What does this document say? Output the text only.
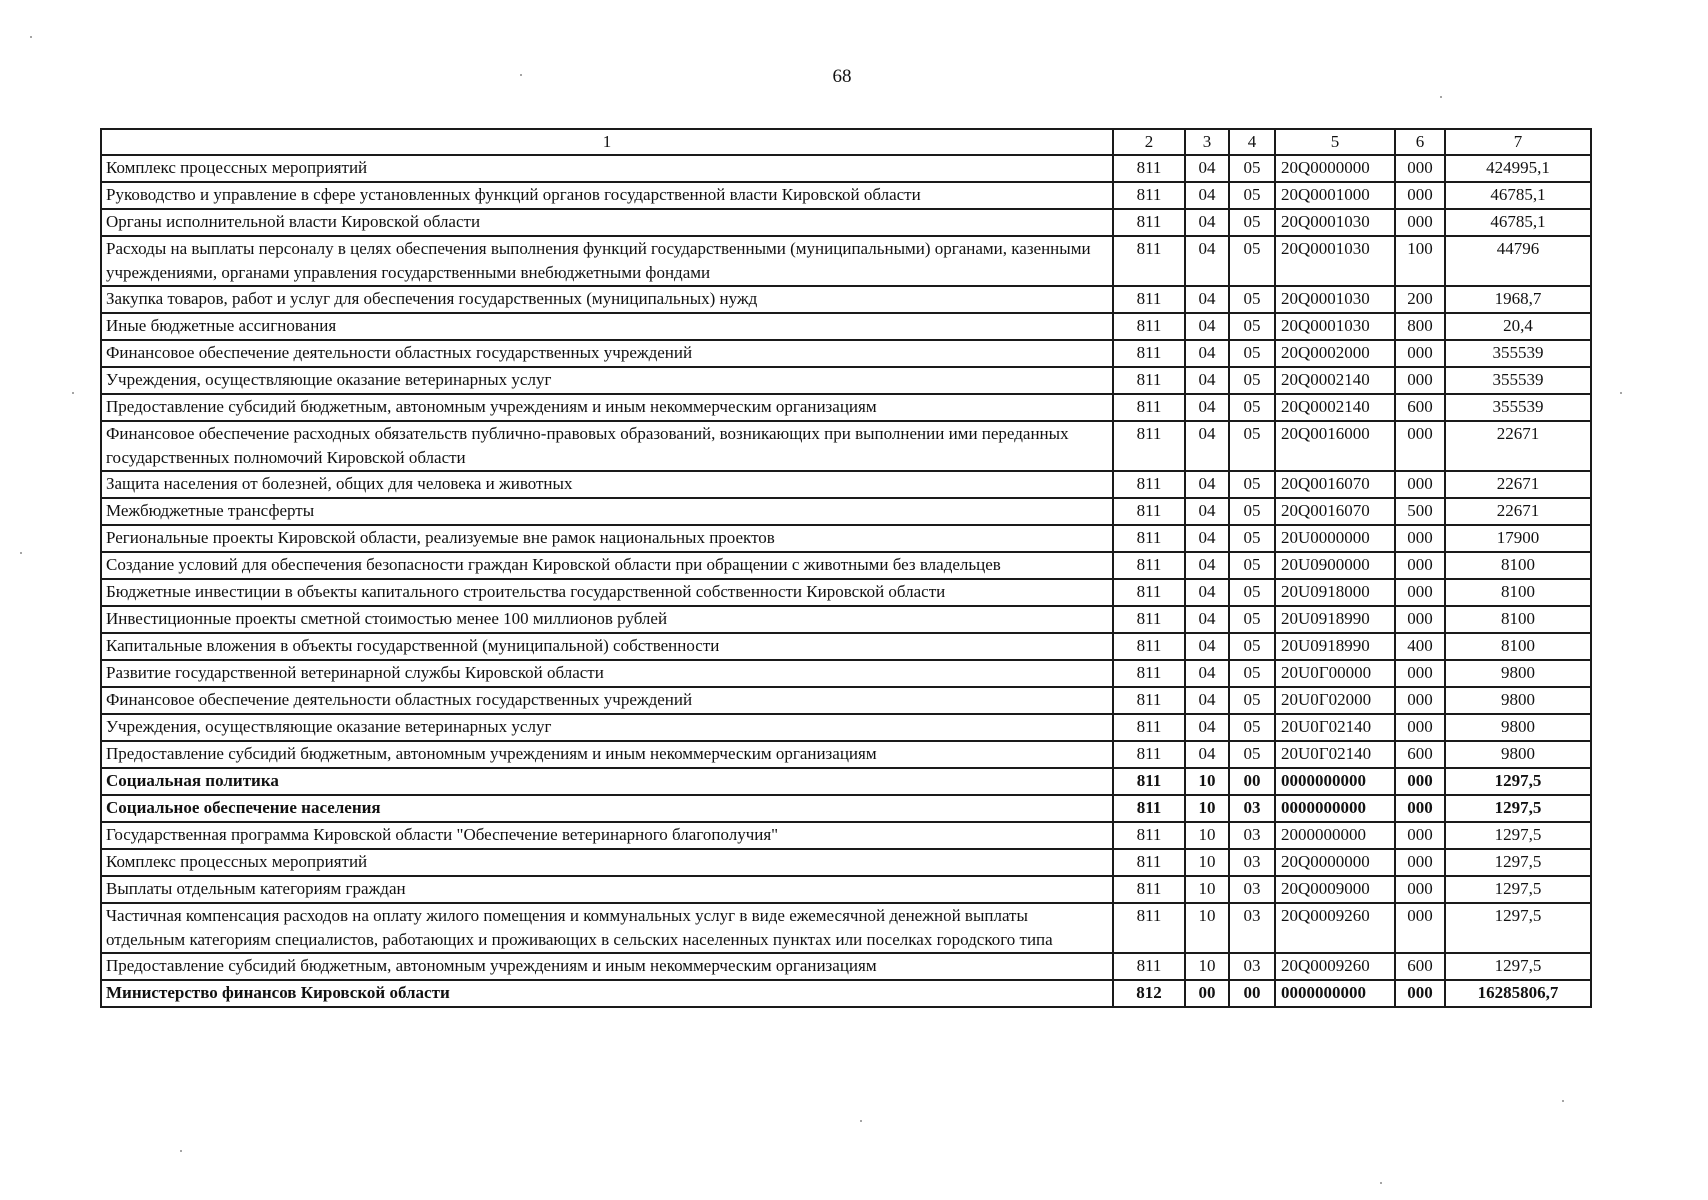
68
1	2	3	4	5	6	7
Комплекс процессных мероприятий	811	04	05	20Q0000000	000	424995,1
Руководство и управление в сфере установленных функций органов государственной власти Кировской области	811	04	05	20Q0001000	000	46785,1
Органы исполнительной власти Кировской области	811	04	05	20Q0001030	000	46785,1
Расходы на выплаты персоналу в целях обеспечения выполнения функций государственными (муниципальными) органами, казенными учреждениями, органами управления государственными внебюджетными фондами	811	04	05	20Q0001030	100	44796
Закупка товаров, работ и услуг для обеспечения государственных (муниципальных) нужд	811	04	05	20Q0001030	200	1968,7
Иные бюджетные ассигнования	811	04	05	20Q0001030	800	20,4
Финансовое обеспечение деятельности областных государственных учреждений	811	04	05	20Q0002000	000	355539
Учреждения, осуществляющие оказание ветеринарных услуг	811	04	05	20Q0002140	000	355539
Предоставление субсидий бюджетным, автономным учреждениям и иным некоммерческим организациям	811	04	05	20Q0002140	600	355539
Финансовое обеспечение расходных обязательств публично-правовых образований, возникающих при выполнении ими переданных государственных полномочий Кировской области	811	04	05	20Q0016000	000	22671
Защита населения от болезней, общих для человека и животных	811	04	05	20Q0016070	000	22671
Межбюджетные трансферты	811	04	05	20Q0016070	500	22671
Региональные проекты Кировской области, реализуемые вне рамок национальных проектов	811	04	05	20U0000000	000	17900
Создание условий для обеспечения безопасности граждан Кировской области при обращении с животными без владельцев	811	04	05	20U0900000	000	8100
Бюджетные инвестиции в объекты капитального строительства государственной собственности Кировской области	811	04	05	20U0918000	000	8100
Инвестиционные проекты сметной стоимостью менее 100 миллионов рублей	811	04	05	20U0918990	000	8100
Капитальные вложения в объекты государственной (муниципальной) собственности	811	04	05	20U0918990	400	8100
Развитие государственной ветеринарной службы Кировской области	811	04	05	20U0Г00000	000	9800
Финансовое обеспечение деятельности областных государственных учреждений	811	04	05	20U0Г02000	000	9800
Учреждения, осуществляющие оказание ветеринарных услуг	811	04	05	20U0Г02140	000	9800
Предоставление субсидий бюджетным, автономным учреждениям и иным некоммерческим организациям	811	04	05	20U0Г02140	600	9800
Социальная политика	811	10	00	0000000000	000	1297,5
Социальное обеспечение населения	811	10	03	0000000000	000	1297,5
Государственная программа Кировской области "Обеспечение ветеринарного благополучия"	811	10	03	2000000000	000	1297,5
Комплекс процессных мероприятий	811	10	03	20Q0000000	000	1297,5
Выплаты отдельным категориям граждан	811	10	03	20Q0009000	000	1297,5
Частичная компенсация расходов на оплату жилого помещения и коммунальных услуг в виде ежемесячной денежной выплаты отдельным категориям специалистов, работающих и проживающих в сельских населенных пунктах или поселках городского типа	811	10	03	20Q0009260	000	1297,5
Предоставление субсидий бюджетным, автономным учреждениям и иным некоммерческим организациям	811	10	03	20Q0009260	600	1297,5
Министерство финансов Кировской области	812	00	00	0000000000	000	16285806,7
